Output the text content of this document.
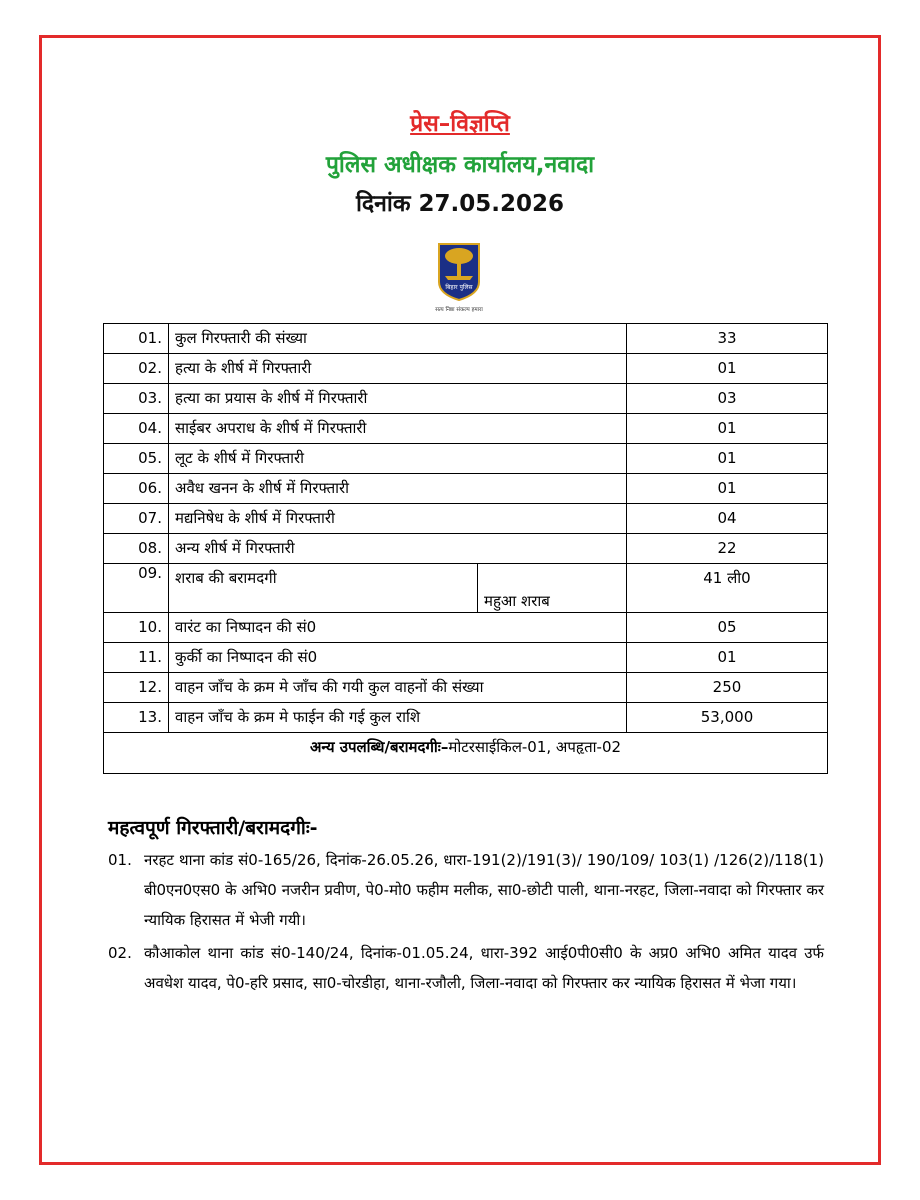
प्रेस–विज्ञप्ति
पुलिस अधीक्षक कार्यालय,नवादा
दिनांक 27.05.2026
बिहार पुलिस
सत्य निष्ठा संकल्प हमारा
01.	कुल गिरफ्तारी की संख्या		33
02.	हत्या के शीर्ष में गिरफ्तारी		01
03.	हत्या का प्रयास के शीर्ष में गिरफ्तारी		03
04.	साईबर अपराध के शीर्ष में गिरफ्तारी		01
05.	लूट के शीर्ष में गिरफ्तारी		01
06.	अवैध खनन के शीर्ष में गिरफ्तारी		01
07.	मद्यनिषेध के शीर्ष में गिरफ्तारी		04
08.	अन्य शीर्ष में गिरफ्तारी		22
09.	शराब की बरामदगी	महुआ शराब	41 ली0
10.	वारंट का निष्पादन की सं0		05
11.	कुर्की का निष्पादन की सं0		01
12.	वाहन जाँच के क्रम मे जाँच की गयी कुल वाहनों की संख्या		250
13.	वाहन जाँच के क्रम मे फाईन की गई कुल राशि		53,000
अन्य उपलब्धि/बरामदगीः–मोटरसाईकिल-01, अपहृता-02			
महत्वपूर्ण गिरफ्तारी/बरामदगीः-
01. नरहट थाना कांड सं0-165/26, दिनांक-26.05.26, धारा-191(2)/191(3)/ 190/109/ 103(1) /126(2)/118(1) बी0एन0एस0 के अभि0 नजरीन प्रवीण, पे0-मो0 फहीम मलीक, सा0-छोटी पाली, थाना-नरहट, जिला-नवादा को गिरफ्तार कर न्यायिक हिरासत में भेजी गयी।
02. कौआकोल थाना कांड सं0-140/24, दिनांक-01.05.24, धारा-392 आई0पी0सी0 के अप्र0 अभि0 अमित यादव उर्फ अवधेश यादव, पे0-हरि प्रसाद, सा0-चोरडीहा, थाना-रजौली, जिला-नवादा को गिरफ्तार कर न्यायिक हिरासत में भेजा गया।
